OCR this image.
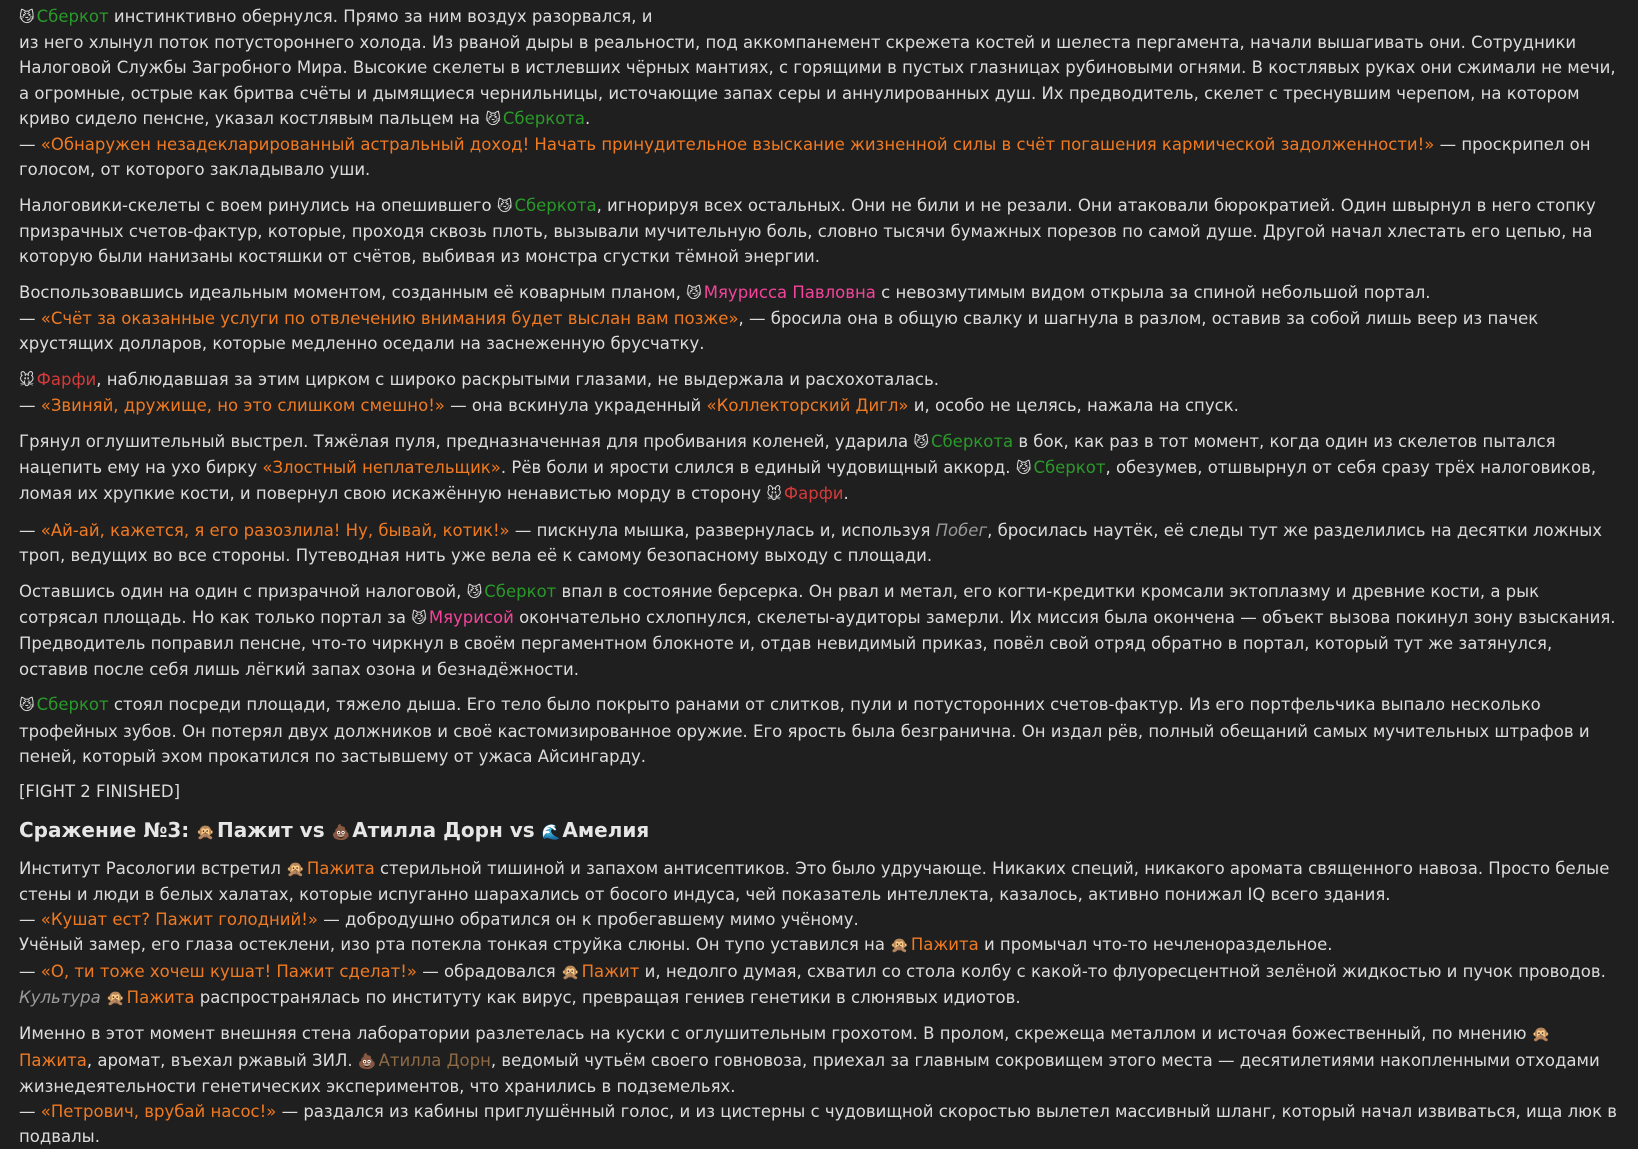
😼 Сберкот инстинктивно обернулся. Прямо за ним воздух разорвался, и
из него хлынул поток потустороннего холода. Из рваной дыры в реальности, под аккомпанемент скрежета костей и шелеста пергамента, начали вышагивать они. Сотрудники Налоговой Службы Загробного Мира. Высокие скелеты в истлевших чёрных мантиях, с горящими в пустых глазницах рубиновыми огнями. В костлявых руках они сжимали не мечи, а огромные, острые как бритва счёты и дымящиеся чернильницы, источающие запах серы и аннулированных душ. Их предводитель, скелет с треснувшим черепом, на котором криво сидело пенсне, указал костлявым пальцем на 😼 Сберкота.
— «Обнаружен незадекларированный астральный доход! Начать принудительное взыскание жизненной силы в счёт погашения кармической задолженности!» — проскрипел он голосом, от которого закладывало уши.

Налоговики-скелеты с воем ринулись на опешившего 😼 Сберкота, игнорируя всех остальных. Они не били и не резали. Они атаковали бюрократией. Один швырнул в него стопку призрачных счетов-фактур, которые, проходя сквозь плоть, вызывали мучительную боль, словно тысячи бумажных порезов по самой душе. Другой начал хлестать его цепью, на которую были нанизаны костяшки от счётов, выбивая из монстра сгустки тёмной энергии.

Воспользовавшись идеальным моментом, созданным её коварным планом, 😼 Мяурисса Павловна с невозмутимым видом открыла за спиной небольшой портал.
— «Счёт за оказанные услуги по отвлечению внимания будет выслан вам позже», — бросила она в общую свалку и шагнула в разлом, оставив за собой лишь веер из пачек хрустящих долларов, которые медленно оседали на заснеженную брусчатку.

🐭 Фарфи, наблюдавшая за этим цирком с широко раскрытыми глазами, не выдержала и расхохоталась.
— «Звиняй, дружище, но это слишком смешно!» — она вскинула украденный «Коллекторский Дигл» и, особо не целясь, нажала на спуск.

Грянул оглушительный выстрел. Тяжёлая пуля, предназначенная для пробивания коленей, ударила 😼 Сберкота в бок, как раз в тот момент, когда один из скелетов пытался нацепить ему на ухо бирку «Злостный неплательщик». Рёв боли и ярости слился в единый чудовищный аккорд. 😼 Сберкот, обезумев, отшвырнул от себя сразу трёх налоговиков, ломая их хрупкие кости, и повернул свою искажённую ненавистью морду в сторону 🐭 Фарфи.

— «Ай-ай, кажется, я его разозлила! Ну, бывай, котик!» — пискнула мышка, развернулась и, используя Побег, бросилась наутёк, её следы тут же разделились на десятки ложных троп, ведущих во все стороны. Путеводная нить уже вела её к самому безопасному выходу с площади.

Оставшись один на один с призрачной налоговой, 😼 Сберкот впал в состояние берсерка. Он рвал и метал, его когти-кредитки кромсали эктоплазму и древние кости, а рык сотрясал площадь. Но как только портал за 😼 Мяурисой окончательно схлопнулся, скелеты-аудиторы замерли. Их миссия была окончена — объект вызова покинул зону взыскания. Предводитель поправил пенсне, что-то чиркнул в своём пергаментном блокноте и, отдав невидимый приказ, повёл свой отряд обратно в портал, который тут же затянулся, оставив после себя лишь лёгкий запах озона и безнадёжности.

😼 Сберкот стоял посреди площади, тяжело дыша. Его тело было покрыто ранами от слитков, пули и потусторонних счетов-фактур. Из его портфельчика выпало несколько трофейных зубов. Он потерял двух должников и своё кастомизированное оружие. Его ярость была безгранична. Он издал рёв, полный обещаний самых мучительных штрафов и пеней, который эхом прокатился по застывшему от ужаса Айсингарду.

[FIGHT 2 FINISHED]

Сражение №3: 🙊 Пажит vs 💩 Атилла Дорн vs 🌊 Амелия

Институт Расологии встретил 🙊 Пажита стерильной тишиной и запахом антисептиков. Это было удручающе. Никаких специй, никакого аромата священного навоза. Просто белые стены и люди в белых халатах, которые испуганно шарахались от босого индуса, чей показатель интеллекта, казалось, активно понижал IQ всего здания.
— «Кушат ест? Пажит голодний!» — добродушно обратился он к пробегавшему мимо учёному.
Учёный замер, его глаза остеклени, изо рта потекла тонкая струйка слюны. Он тупо уставился на 🙊 Пажита и промычал что-то нечленораздельное.
— «О, ти тоже хочеш кушат! Пажит сделат!» — обрадовался 🙊 Пажит и, недолго думая, схватил со стола колбу с какой-то флуоресцентной зелёной жидкостью и пучок проводов. Культура 🙊 Пажита распространялась по институту как вирус, превращая гениев генетики в слюнявых идиотов.

Именно в этот момент внешняя стена лаборатории разлетелась на куски с оглушительным грохотом. В пролом, скрежеща металлом и источая божественный, по мнению 🙊Пажита, аромат, въехал ржавый ЗИЛ. 💩 Атилла Дорн, ведомый чутьём своего говновоза, приехал за главным сокровищем этого места — десятилетиями накопленными отходами жизнедеятельности генетических экспериментов, что хранились в подземельях.
— «Петрович, врубай насос!» — раздался из кабины приглушённый голос, и из цистерны с чудовищной скоростью вылетел массивный шланг, который начал извиваться, ища люк в подвалы.
